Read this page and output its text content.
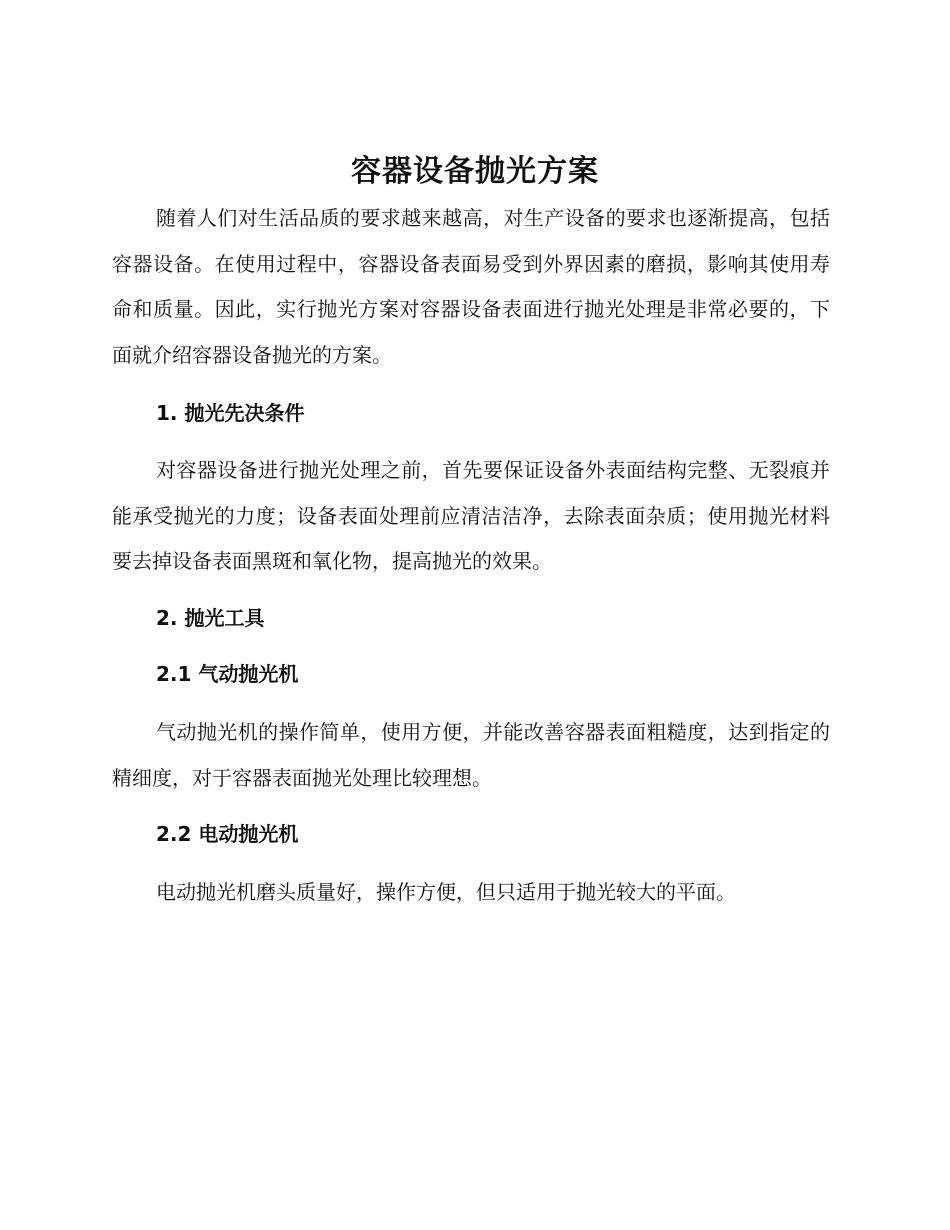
容器设备抛光方案

随着人们对生活品质的要求越来越高，对生产设备的要求也逐渐提高，包括容器设备。在使用过程中，容器设备表面易受到外界因素的磨损，影响其使用寿命和质量。因此，实行抛光方案对容器设备表面进行抛光处理是非常必要的，下面就介绍容器设备抛光的方案。

1. 抛光先决条件

对容器设备进行抛光处理之前，首先要保证设备外表面结构完整、无裂痕并能承受抛光的力度；设备表面处理前应清洁洁净，去除表面杂质；使用抛光材料要去掉设备表面黑斑和氧化物，提高抛光的效果。

2. 抛光工具
2.1 气动抛光机

气动抛光机的操作简单，使用方便，并能改善容器表面粗糙度，达到指定的精细度，对于容器表面抛光处理比较理想。

2.2 电动抛光机

电动抛光机磨头质量好，操作方便，但只适用于抛光较大的平面。
